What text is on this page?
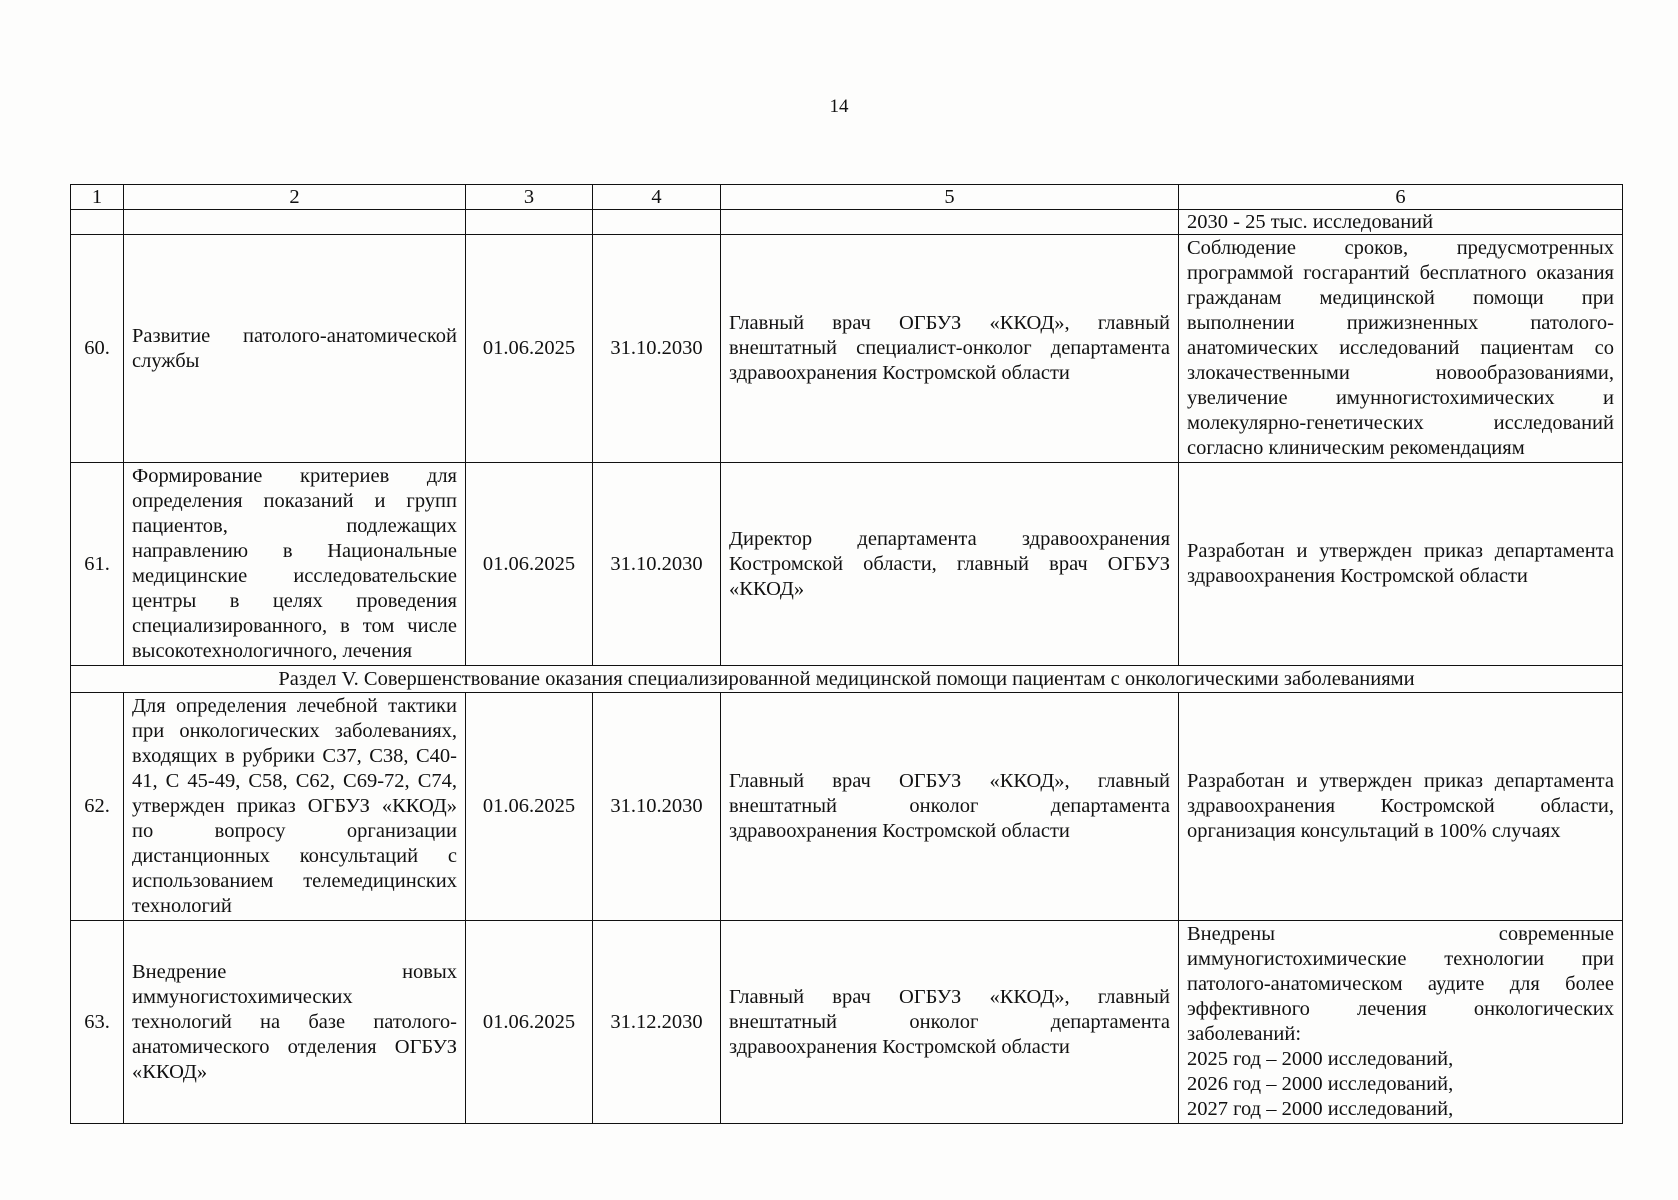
14
1	2	3	4	5	6
					2030 - 25 тыс. исследований
60.	Развитие патолого-анатомической службы	01.06.2025	31.10.2030	Главный врач ОГБУЗ «ККОД», главный внештатный специалист-онколог департамента здравоохранения Костромской области	Соблюдение сроков, предусмотренных программой госгарантий бесплатного оказания гражданам медицинской помощи при выполнении прижизненных патолого-анатомических исследований пациентам со злокачественными новообразованиями, увеличение имунногистохимических и молекулярно-генетических исследований согласно клиническим рекомендациям
61.	Формирование критериев для определения показаний и групп пациентов, подлежащих направлению в Национальные медицинские исследовательские центры в целях проведения специализированного, в том числе высокотехнологичного, лечения	01.06.2025	31.10.2030	Директор департамента здравоохранения Костромской области, главный врач ОГБУЗ «ККОД»	Разработан и утвержден приказ департамента здравоохранения Костромской области
Раздел V. Совершенствование оказания специализированной медицинской помощи пациентам с онкологическими заболеваниями					
62.	Для определения лечебной тактики при онкологических заболеваниях, входящих в рубрики С37, С38, С40-41, С 45-49, С58, С62, С69-72, С74, утвержден приказ ОГБУЗ «ККОД» по вопросу организации дистанционных консультаций с использованием телемедицинских технологий	01.06.2025	31.10.2030	Главный врач ОГБУЗ «ККОД», главный внештатный онколог департамента здравоохранения Костромской области	Разработан и утвержден приказ департамента здравоохранения Костромской области, организация консультаций в 100% случаях
63.	Внедрение новых иммуногистохимических технологий на базе патолого-анатомического отделения ОГБУЗ «ККОД»	01.06.2025	31.12.2030	Главный врач ОГБУЗ «ККОД», главный внештатный онколог департамента здравоохранения Костромской области	Внедрены современные иммуногистохимические технологии при патолого-анатомическом аудите для более эффективного лечения онкологических заболеваний:
2025 год – 2000 исследований,
2026 год – 2000 исследований,
2027 год – 2000 исследований,
